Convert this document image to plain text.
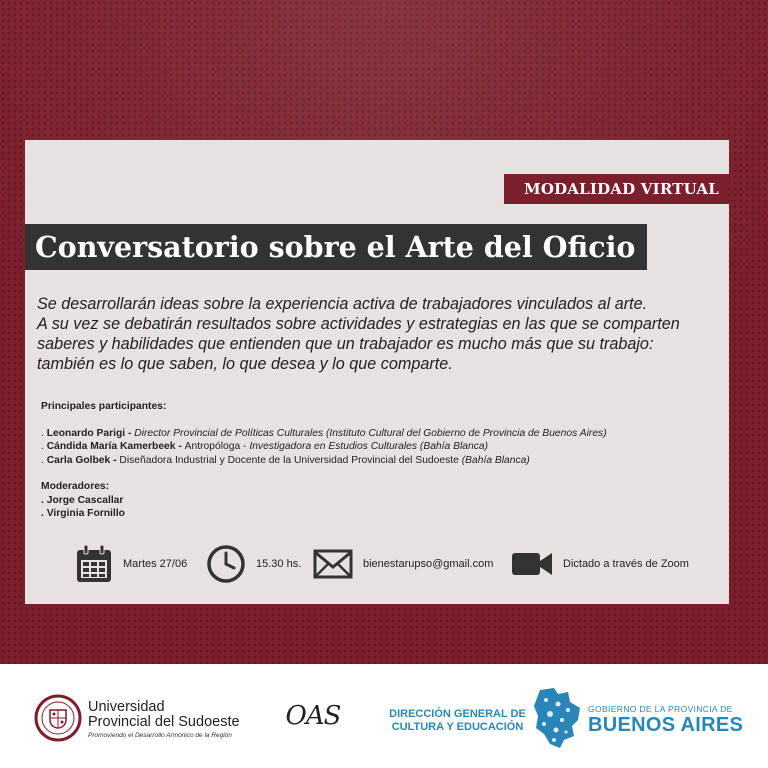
MODALIDAD VIRTUAL
Conversatorio sobre el Arte del Oficio

Se desarrollarán ideas sobre la experiencia activa de trabajadores vinculados al arte.

A su vez se debatirán resultados sobre actividades y estrategias en las que se comparten

saberes y habilidades que entienden que un trabajador es mucho más que su trabajo:

también es lo que saben, lo que desea y lo que comparte.

Principales participantes:
. Leonardo Parigi - Director Provincial de Políticas Culturales (Instituto Cultural del Gobierno de Provincia de Buenos Aires)
. Cándida María Kamerbeek - Antropóloga - Investigadora en Estudios Culturales (Bahía Blanca)
. Carla Golbek - Diseñadora Industrial y Docente de la Universidad Provincial del Sudoeste (Bahía Blanca)
Moderadores:
. Jorge Cascallar
. Virginia Fornillo
Martes 27/06	15.30 hs.	bienestarupso@gmail.com	Dictado a través de Zoom
Universidad
Provincial del Sudoeste
Promoviendo el Desarrollo Armónico de la Región
OAS	DIRECCIÓN GENERAL DE
CULTURA Y EDUCACIÓN
GOBIERNO DE LA PROVINCIA DE
BUENOS AIRES
